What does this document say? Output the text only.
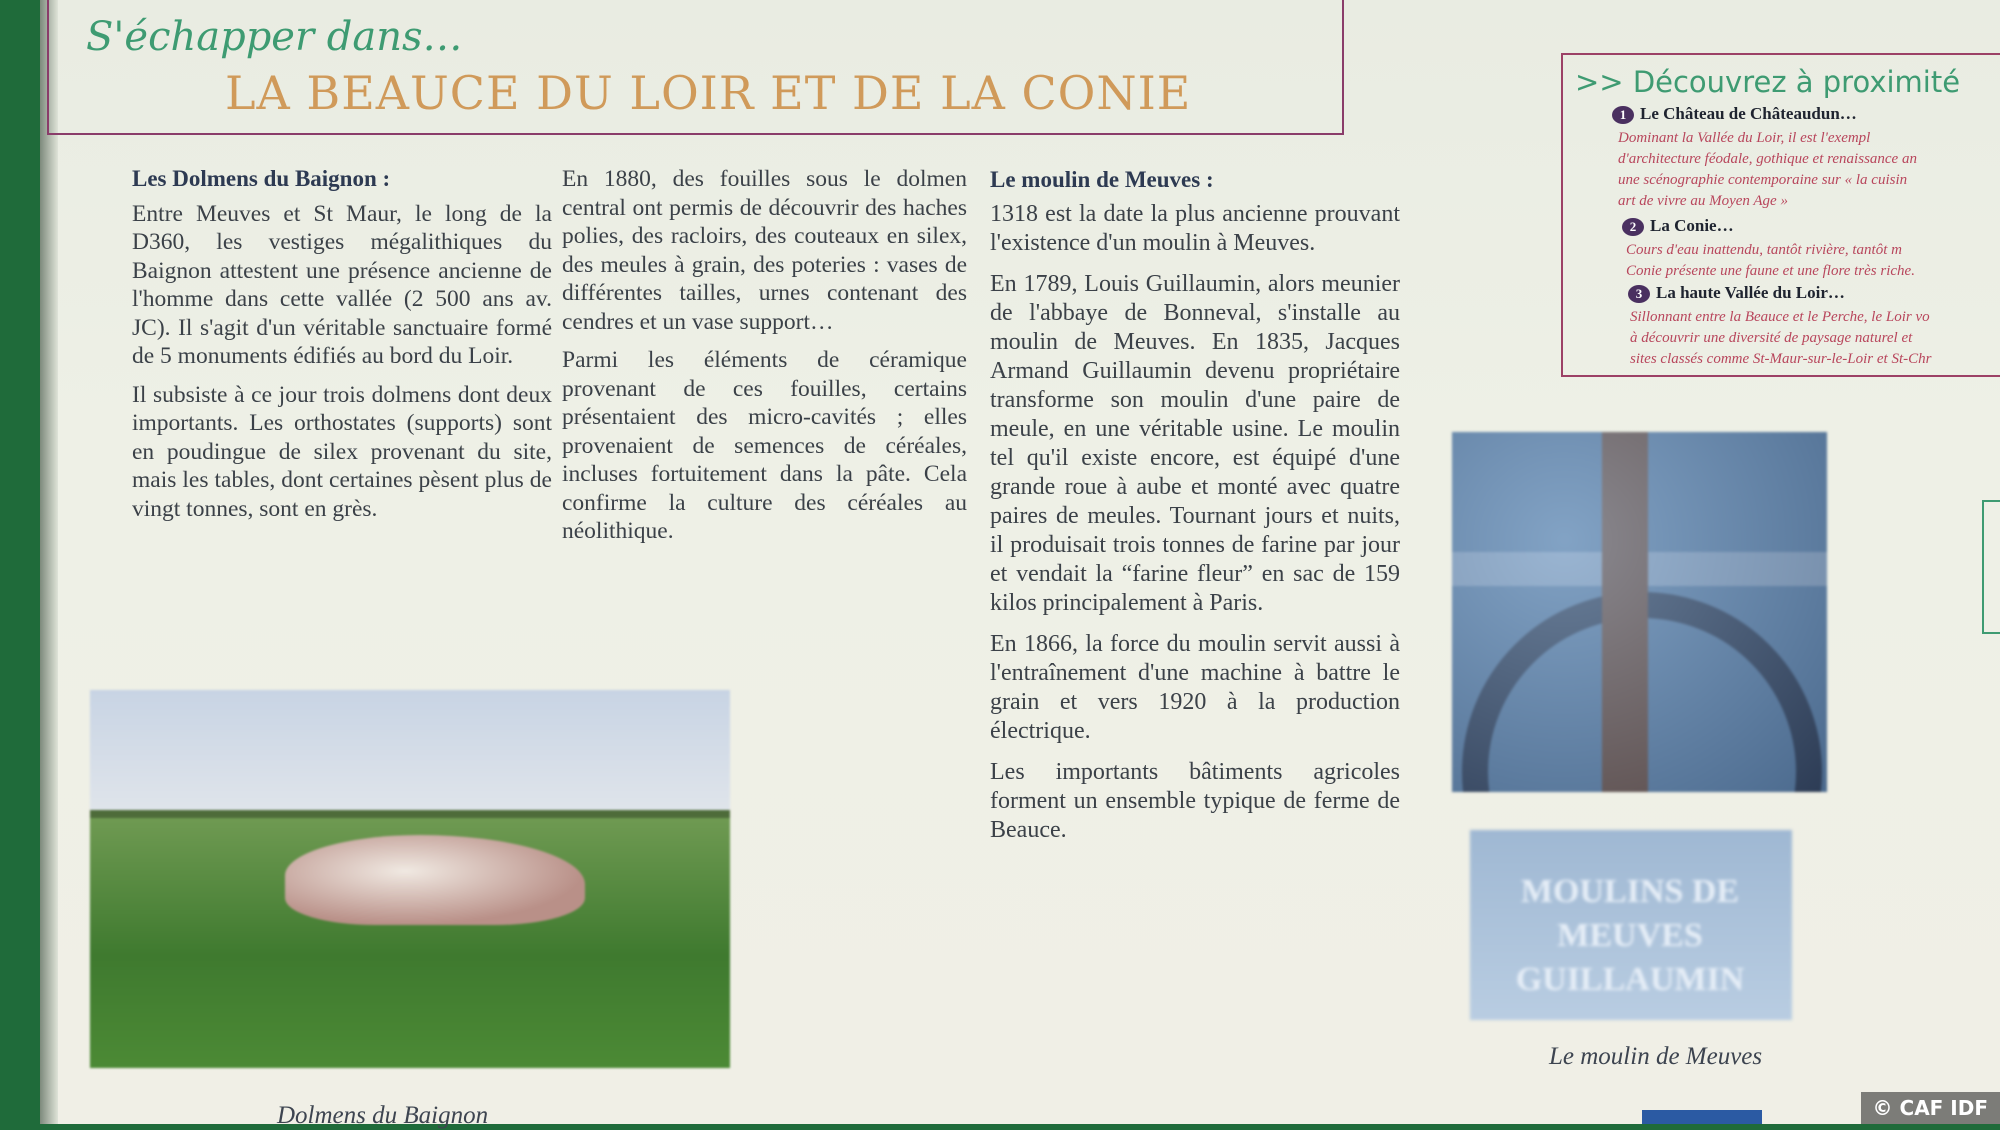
S'échapper dans…
LA BEAUCE DU LOIR ET DE LA CONIE
Les Dolmens du Baignon :

Entre Meuves et St Maur, le long de la D360, les vestiges mégalithiques du Baignon attestent une présence ancienne de l'homme dans cette vallée (2 500 ans av. JC). Il s'agit d'un véritable sanctuaire formé de 5 monuments édifiés au bord du Loir.

Il subsiste à ce jour trois dolmens dont deux importants. Les orthostates (supports) sont en poudingue de silex provenant du site, mais les tables, dont certaines pèsent plus de vingt tonnes, sont en grès.

En 1880, des fouilles sous le dolmen central ont permis de découvrir des haches polies, des racloirs, des couteaux en silex, des meules à grain, des poteries : vases de différentes tailles, urnes contenant des cendres et un vase support…

Parmi les éléments de céramique provenant de ces fouilles, certains présentaient des micro-cavités ; elles provenaient de semences de céréales, incluses fortuitement dans la pâte. Cela confirme la culture des céréales au néolithique.

Le moulin de Meuves :

1318 est la date la plus ancienne prouvant l'existence d'un moulin à Meuves.

En 1789, Louis Guillaumin, alors meunier de l'abbaye de Bonneval, s'installe au moulin de Meuves. En 1835, Jacques Armand Guillaumin devenu propriétaire transforme son moulin d'une paire de meule, en une véritable usine. Le moulin tel qu'il existe encore, est équipé d'une grande roue à aube et monté avec quatre paires de meules. Tournant jours et nuits, il produisait trois tonnes de farine par jour et vendait la “farine fleur” en sac de 159 kilos principalement à Paris.

En 1866, la force du moulin servit aussi à l'entraînement d'une machine à battre le grain et vers 1920 à la production électrique.

Les importants bâtiments agricoles forment un ensemble typique de ferme de Beauce.

Dolmens du Baignon
>> Découvrez à proximité
1 Le Château de Châteaudun…
Dominant la Vallée du Loir, il est l'exempl
d'architecture féodale, gothique et renaissance an
une scénographie contemporaine sur « la cuisin
art de vivre au Moyen Age »
2 La Conie…
Cours d'eau inattendu, tantôt rivière, tantôt m
Conie présente une faune et une flore très riche.
3 La haute Vallée du Loir…
Sillonnant entre la Beauce et le Perche, le Loir vo
à découvrir une diversité de paysage naturel et
sites classés comme St-Maur-sur-le-Loir et St-Chr
MOULINS DE MEUVES
GUILLAUMIN
Le moulin de Meuves
© CAF IDF
